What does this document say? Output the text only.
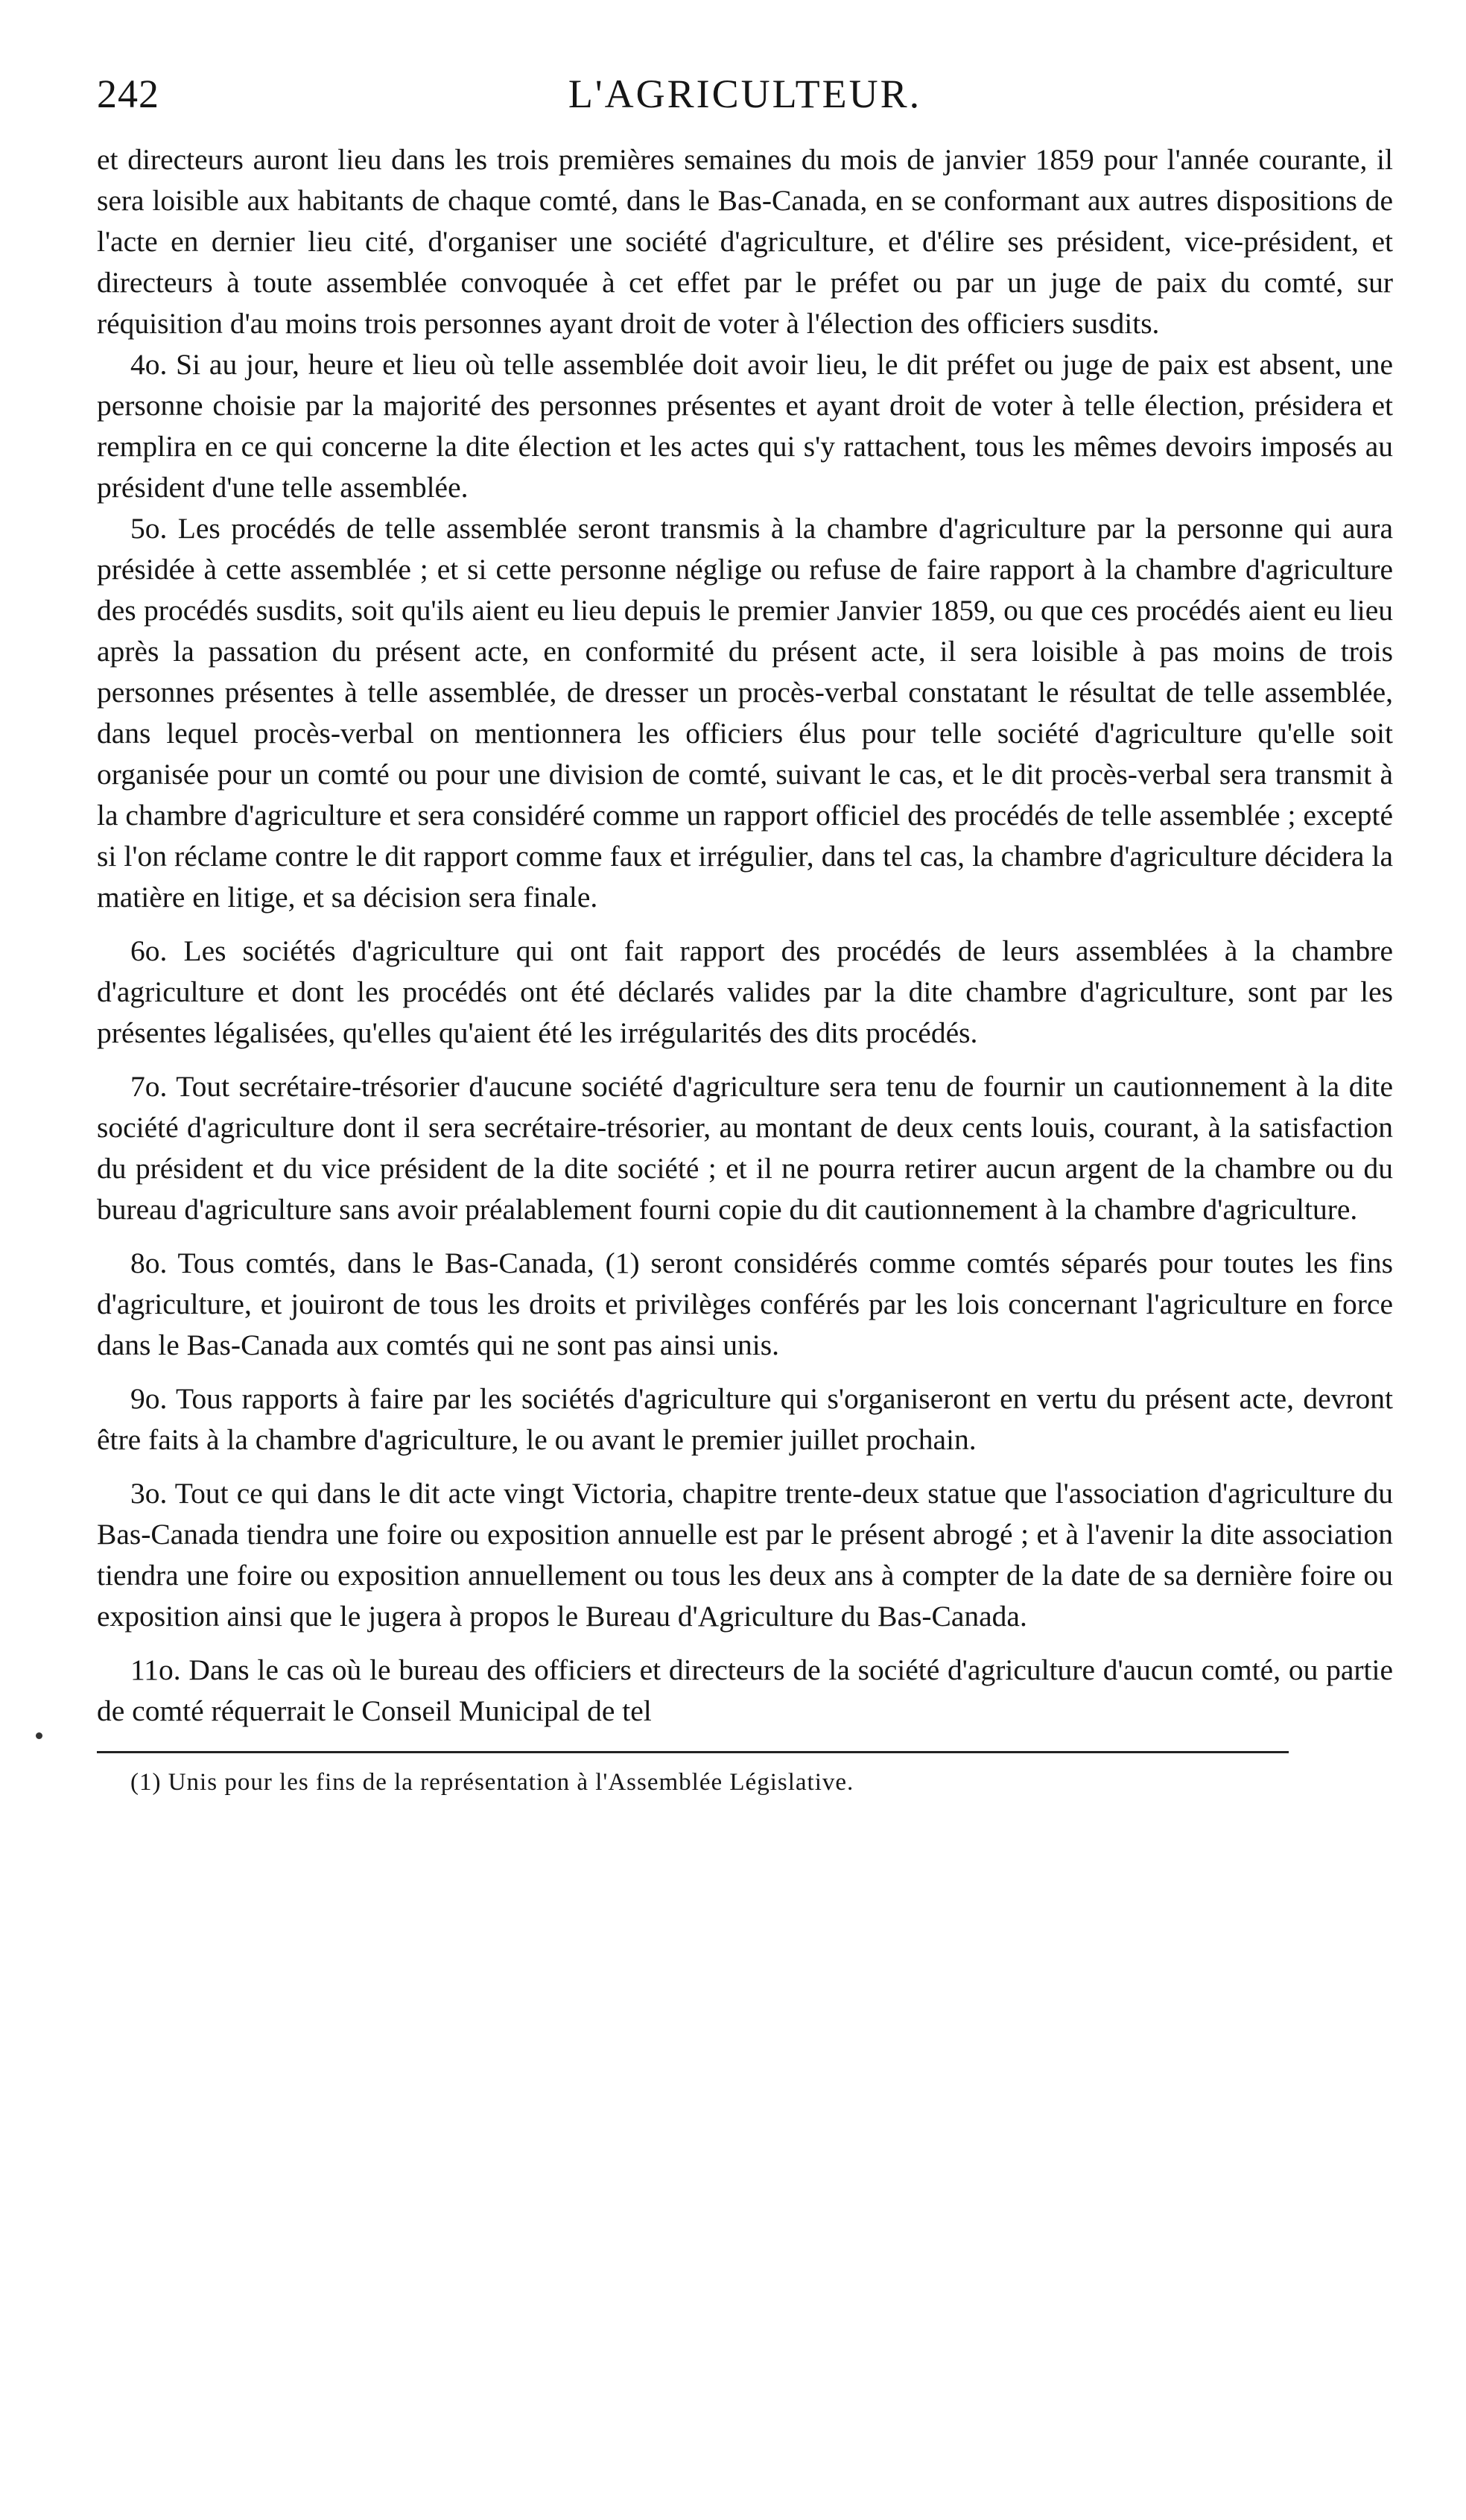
242	L'AGRICULTEUR.

et directeurs auront lieu dans les trois premières semaines du mois de janvier 1859 pour l'année courante, il sera loisible aux habitants de chaque comté, dans le Bas-Canada, en se conformant aux autres dispositions de l'acte en dernier lieu cité, d'organiser une société d'agriculture, et d'élire ses président, vice-président, et directeurs à toute assemblée convoquée à cet effet par le préfet ou par un juge de paix du comté, sur réquisition d'au moins trois personnes ayant droit de voter à l'élection des officiers susdits.

4o. Si au jour, heure et lieu où telle assemblée doit avoir lieu, le dit préfet ou juge de paix est absent, une personne choisie par la majorité des personnes présentes et ayant droit de voter à telle élection, présidera et remplira en ce qui concerne la dite élection et les actes qui s'y rattachent, tous les mêmes devoirs imposés au président d'une telle assemblée.

5o. Les procédés de telle assemblée seront transmis à la chambre d'agriculture par la personne qui aura présidée à cette assemblée ; et si cette personne néglige ou refuse de faire rapport à la chambre d'agriculture des procédés susdits, soit qu'ils aient eu lieu depuis le premier Janvier 1859, ou que ces procédés aient eu lieu après la passation du présent acte, en conformité du présent acte, il sera loisible à pas moins de trois personnes présentes à telle assemblée, de dresser un procès-verbal constatant le résultat de telle assemblée, dans lequel procès-verbal on mentionnera les officiers élus pour telle société d'agriculture qu'elle soit organisée pour un comté ou pour une division de comté, suivant le cas, et le dit procès-verbal sera transmit à la chambre d'agriculture et sera considéré comme un rapport officiel des procédés de telle assemblée ; excepté si l'on réclame contre le dit rapport comme faux et irrégulier, dans tel cas, la chambre d'agriculture décidera la matière en litige, et sa décision sera finale.

6o. Les sociétés d'agriculture qui ont fait rapport des procédés de leurs assemblées à la chambre d'agriculture et dont les procédés ont été déclarés valides par la dite chambre d'agriculture, sont par les présentes légalisées, qu'elles qu'aient été les irrégularités des dits procédés.

7o. Tout secrétaire-trésorier d'aucune société d'agriculture sera tenu de fournir un cautionnement à la dite société d'agriculture dont il sera secrétaire-trésorier, au montant de deux cents louis, courant, à la satisfaction du président et du vice président de la dite société ; et il ne pourra retirer aucun argent de la chambre ou du bureau d'agriculture sans avoir préalablement fourni copie du dit cautionnement à la chambre d'agriculture.

8o. Tous comtés, dans le Bas-Canada, (1) seront considérés comme comtés séparés pour toutes les fins d'agriculture, et jouiront de tous les droits et privilèges conférés par les lois concernant l'agriculture en force dans le Bas-Canada aux comtés qui ne sont pas ainsi unis.

9o. Tous rapports à faire par les sociétés d'agriculture qui s'organiseront en vertu du présent acte, devront être faits à la chambre d'agriculture, le ou avant le premier juillet prochain.

3o. Tout ce qui dans le dit acte vingt Victoria, chapitre trente-deux statue que l'association d'agriculture du Bas-Canada tiendra une foire ou exposition annuelle est par le présent abrogé ; et à l'avenir la dite association tiendra une foire ou exposition annuellement ou tous les deux ans à compter de la date de sa dernière foire ou exposition ainsi que le jugera à propos le Bureau d'Agriculture du Bas-Canada.

11o. Dans le cas où le bureau des officiers et directeurs de la société d'agriculture d'aucun comté, ou partie de comté réquerrait le Conseil Municipal de tel

(1) Unis pour les fins de la représentation à l'Assemblée Législative.
